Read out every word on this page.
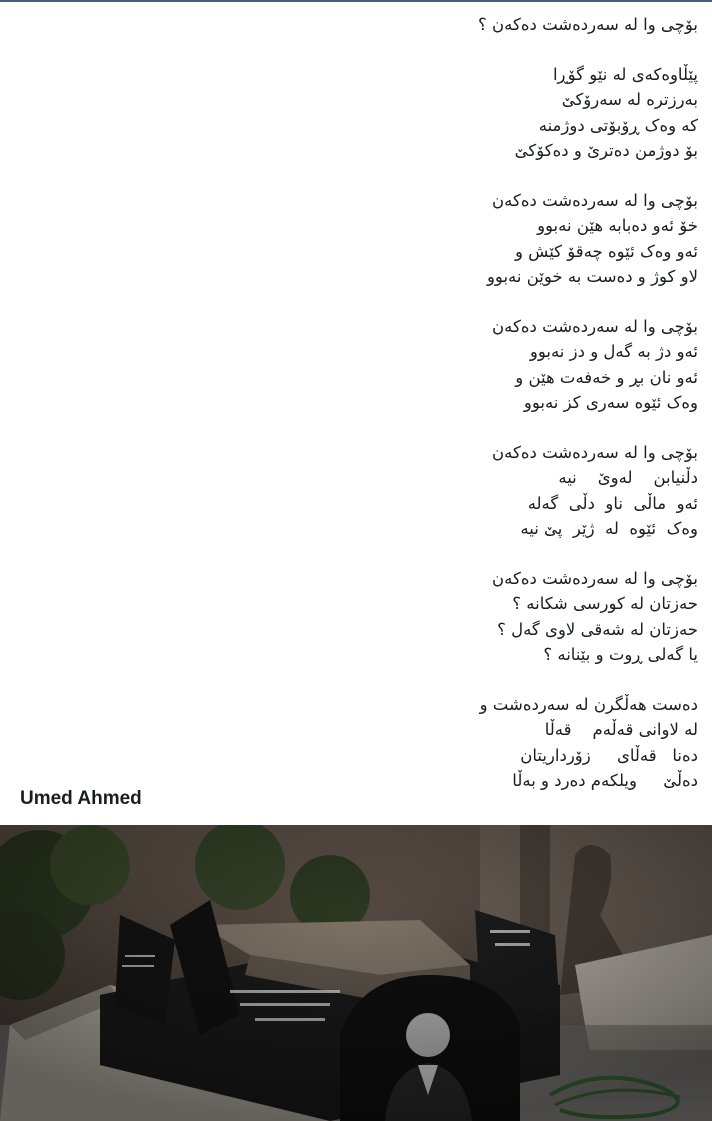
بۆچی وا لە سەردەشت دەکەن ؟
پێڵاوەکەی لە نێو گۆڕا
بەرزترە لە سەرۆکێ
کە وەک ڕۆبۆتی دوژمنە
بۆ دوژمن دەترێ و دەکۆکێ
بۆچی وا لە سەردەشت دەکەن
خۆ ئەو دەبابە هێن نەبوو
ئەو وەک ئێوە چەقۆ کێش و
لاو کوژ و دەست بە خوێن نەبوو
بۆچی وا لە سەردەشت دەکەن
ئەو دژ بە گەل و دز نەبوو
ئەو نان بڕ و خەفەت هێن و
وەک ئێوە سەری کز نەبوو
بۆچی وا لە سەردەشت دەکەن
دڵنیابن    لەوێ    نیە
ئەو  ماڵی  ناو  دڵی  گەلە
وەک  ئێوە  لە  ژێر  پێ نیە
بۆچی وا لە سەردەشت دەکەن
حەزتان لە کورسی شکانە ؟
حەزتان لە شەقی لاوی گەل ؟
یا گەلی ڕوت و بێنانە ؟
دەست هەڵگرن لە سەردەشت و
لە لاوانی قەڵەم    قەڵا
دەنا   قەڵای     زۆرداریتان
دەڵێ     ویلکەم دەرد و بەڵا
Umed Ahmed
